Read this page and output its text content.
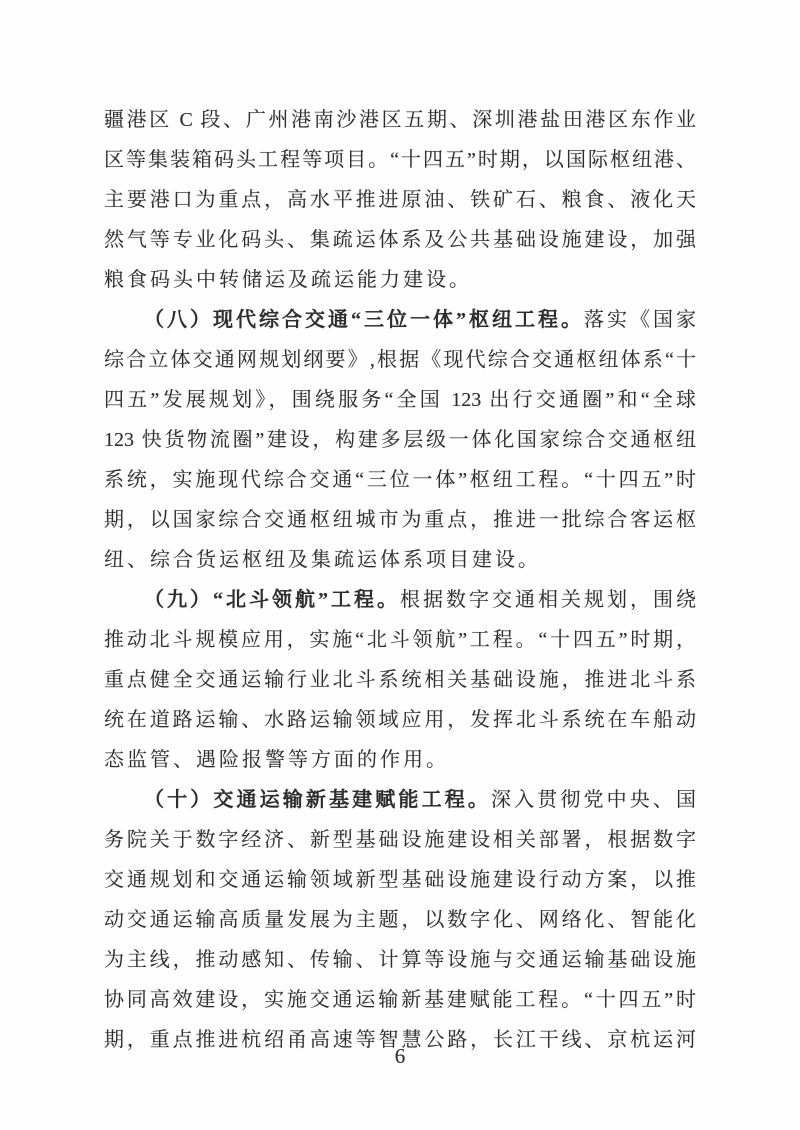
疆港区 C 段、广州港南沙港区五期、深圳港盐田港区东作业
区等集装箱码头工程等项目。“十四五”时期，以国际枢纽港、
主要港口为重点，高水平推进原油、铁矿石、粮食、液化天
然气等专业化码头、集疏运体系及公共基础设施建设，加强
粮食码头中转储运及疏运能力建设。
（八）现代综合交通“三位一体”枢纽工程。落实《国家
综合立体交通网规划纲要》,根据《现代综合交通枢纽体系“十
四五”发展规划》，围绕服务“全国 123 出行交通圈”和“全球
123 快货物流圈”建设，构建多层级一体化国家综合交通枢纽
系统，实施现代综合交通“三位一体”枢纽工程。“十四五”时
期，以国家综合交通枢纽城市为重点，推进一批综合客运枢
纽、综合货运枢纽及集疏运体系项目建设。
（九）“北斗领航”工程。根据数字交通相关规划，围绕
推动北斗规模应用，实施“北斗领航”工程。“十四五”时期，
重点健全交通运输行业北斗系统相关基础设施，推进北斗系
统在道路运输、水路运输领域应用，发挥北斗系统在车船动
态监管、遇险报警等方面的作用。
（十）交通运输新基建赋能工程。深入贯彻党中央、国
务院关于数字经济、新型基础设施建设相关部署，根据数字
交通规划和交通运输领域新型基础设施建设行动方案，以推
动交通运输高质量发展为主题，以数字化、网络化、智能化
为主线，推动感知、传输、计算等设施与交通运输基础设施
协同高效建设，实施交通运输新基建赋能工程。“十四五”时
期，重点推进杭绍甬高速等智慧公路，长江干线、京杭运河
6
